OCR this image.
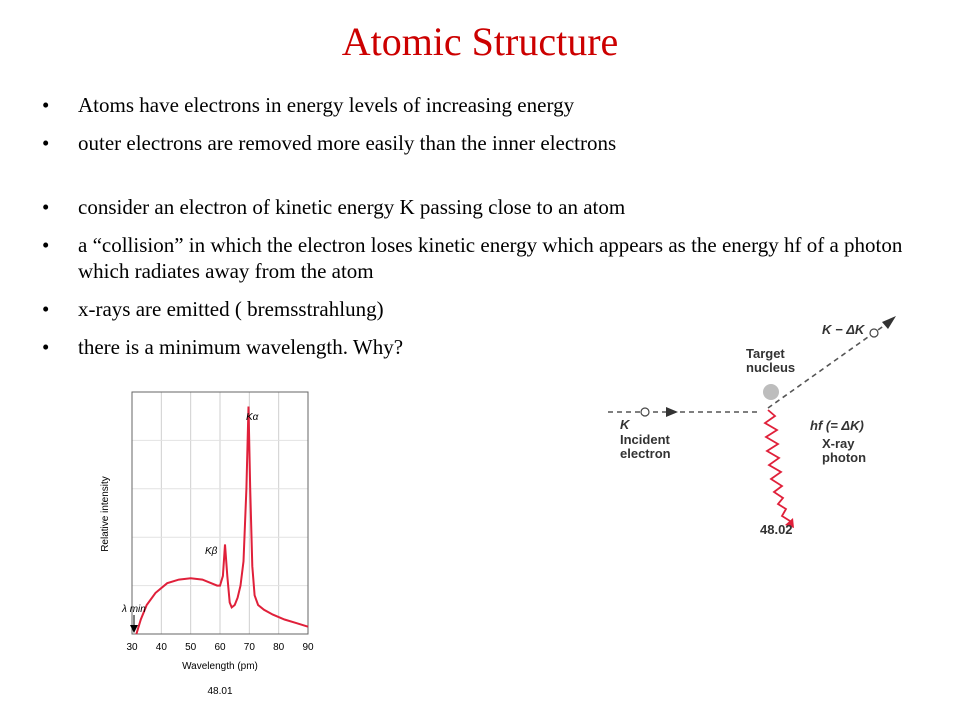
Atomic Structure
• Atoms have electrons in energy levels of increasing energy
• outer electrons are removed more easily than the inner electrons
• consider an electron of kinetic energy K passing close to an atom
• a “collision” in which the electron loses kinetic energy which appears as the energy hf of a photon which radiates away from the atom
• x-rays are emitted ( bremsstrahlung)
• there is a minimum wavelength. Why?
30 40 50 60 70 80 90
Wavelength (pm)
Relative intensity
Kα
Kβ
λ min
48.01
K
Incident electron
Target nucleus
K − ΔK
hf (= ΔK)
X-ray photon
48.02
